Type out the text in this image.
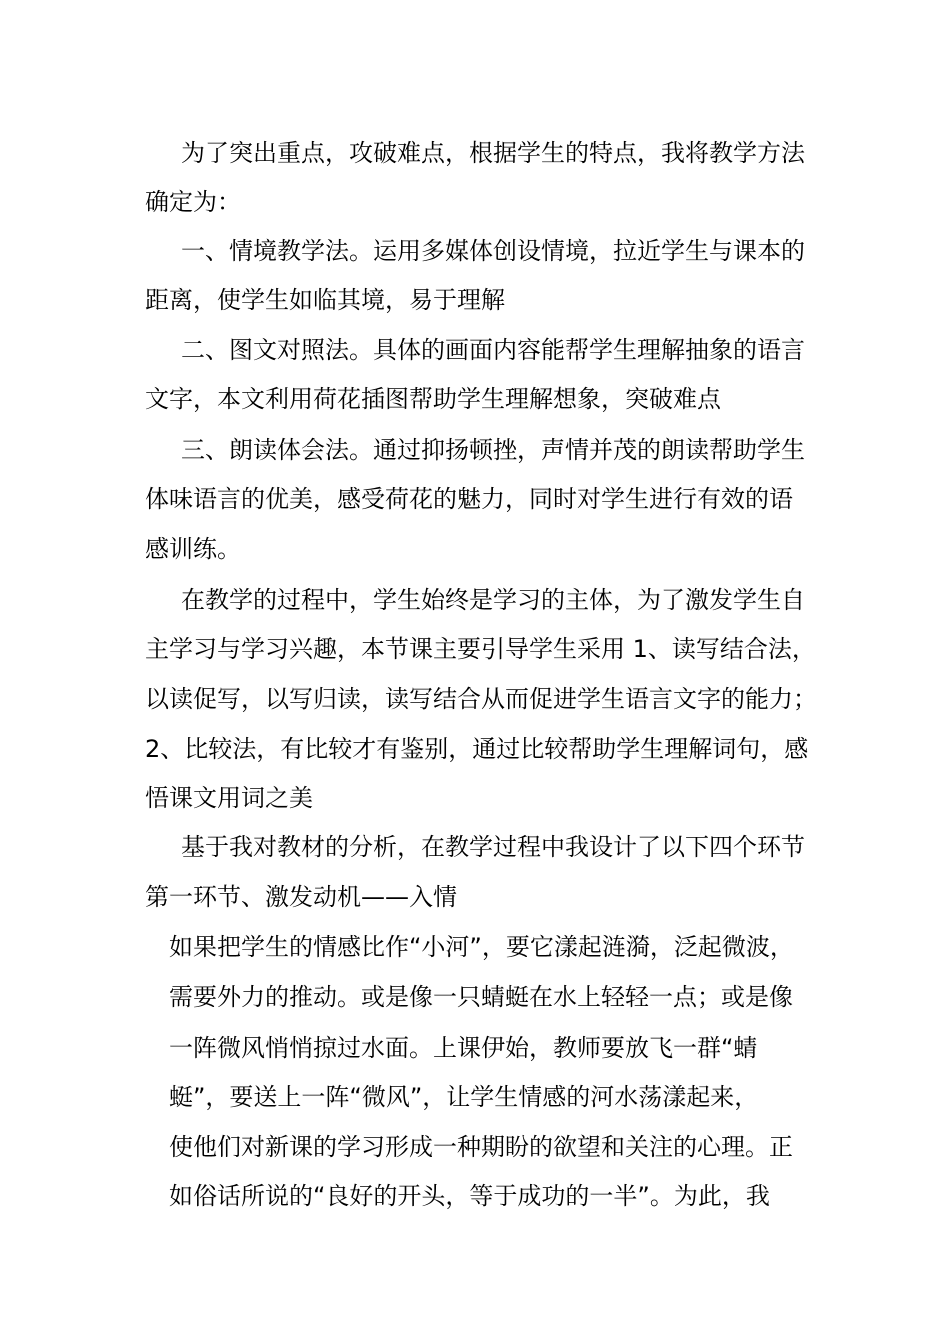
为了突出重点，攻破难点，根据学生的特点，我将教学方法
确定为：
一、情境教学法。运用多媒体创设情境，拉近学生与课本的
距离，使学生如临其境，易于理解
二、图文对照法。具体的画面内容能帮学生理解抽象的语言
文字，本文利用荷花插图帮助学生理解想象，突破难点
三、朗读体会法。通过抑扬顿挫，声情并茂的朗读帮助学生
体味语言的优美，感受荷花的魅力，同时对学生进行有效的语
感训练。
在教学的过程中，学生始终是学习的主体，为了激发学生自
主学习与学习兴趣，本节课主要引导学生采用 1、读写结合法，
以读促写，以写归读，读写结合从而促进学生语言文字的能力；
2、比较法，有比较才有鉴别，通过比较帮助学生理解词句，感
悟课文用词之美
基于我对教材的分析，在教学过程中我设计了以下四个环节
第一环节、激发动机——入情
如果把学生的情感比作“小河”，要它漾起涟漪，泛起微波，
需要外力的推动。或是像一只蜻蜓在水上轻轻一点；或是像
一阵微风悄悄掠过水面。上课伊始，教师要放飞一群“蜻
蜓”，要送上一阵“微风”，让学生情感的河水荡漾起来，
使他们对新课的学习形成一种期盼的欲望和关注的心理。正
如俗话所说的“良好的开头，等于成功的一半”。为此，我
